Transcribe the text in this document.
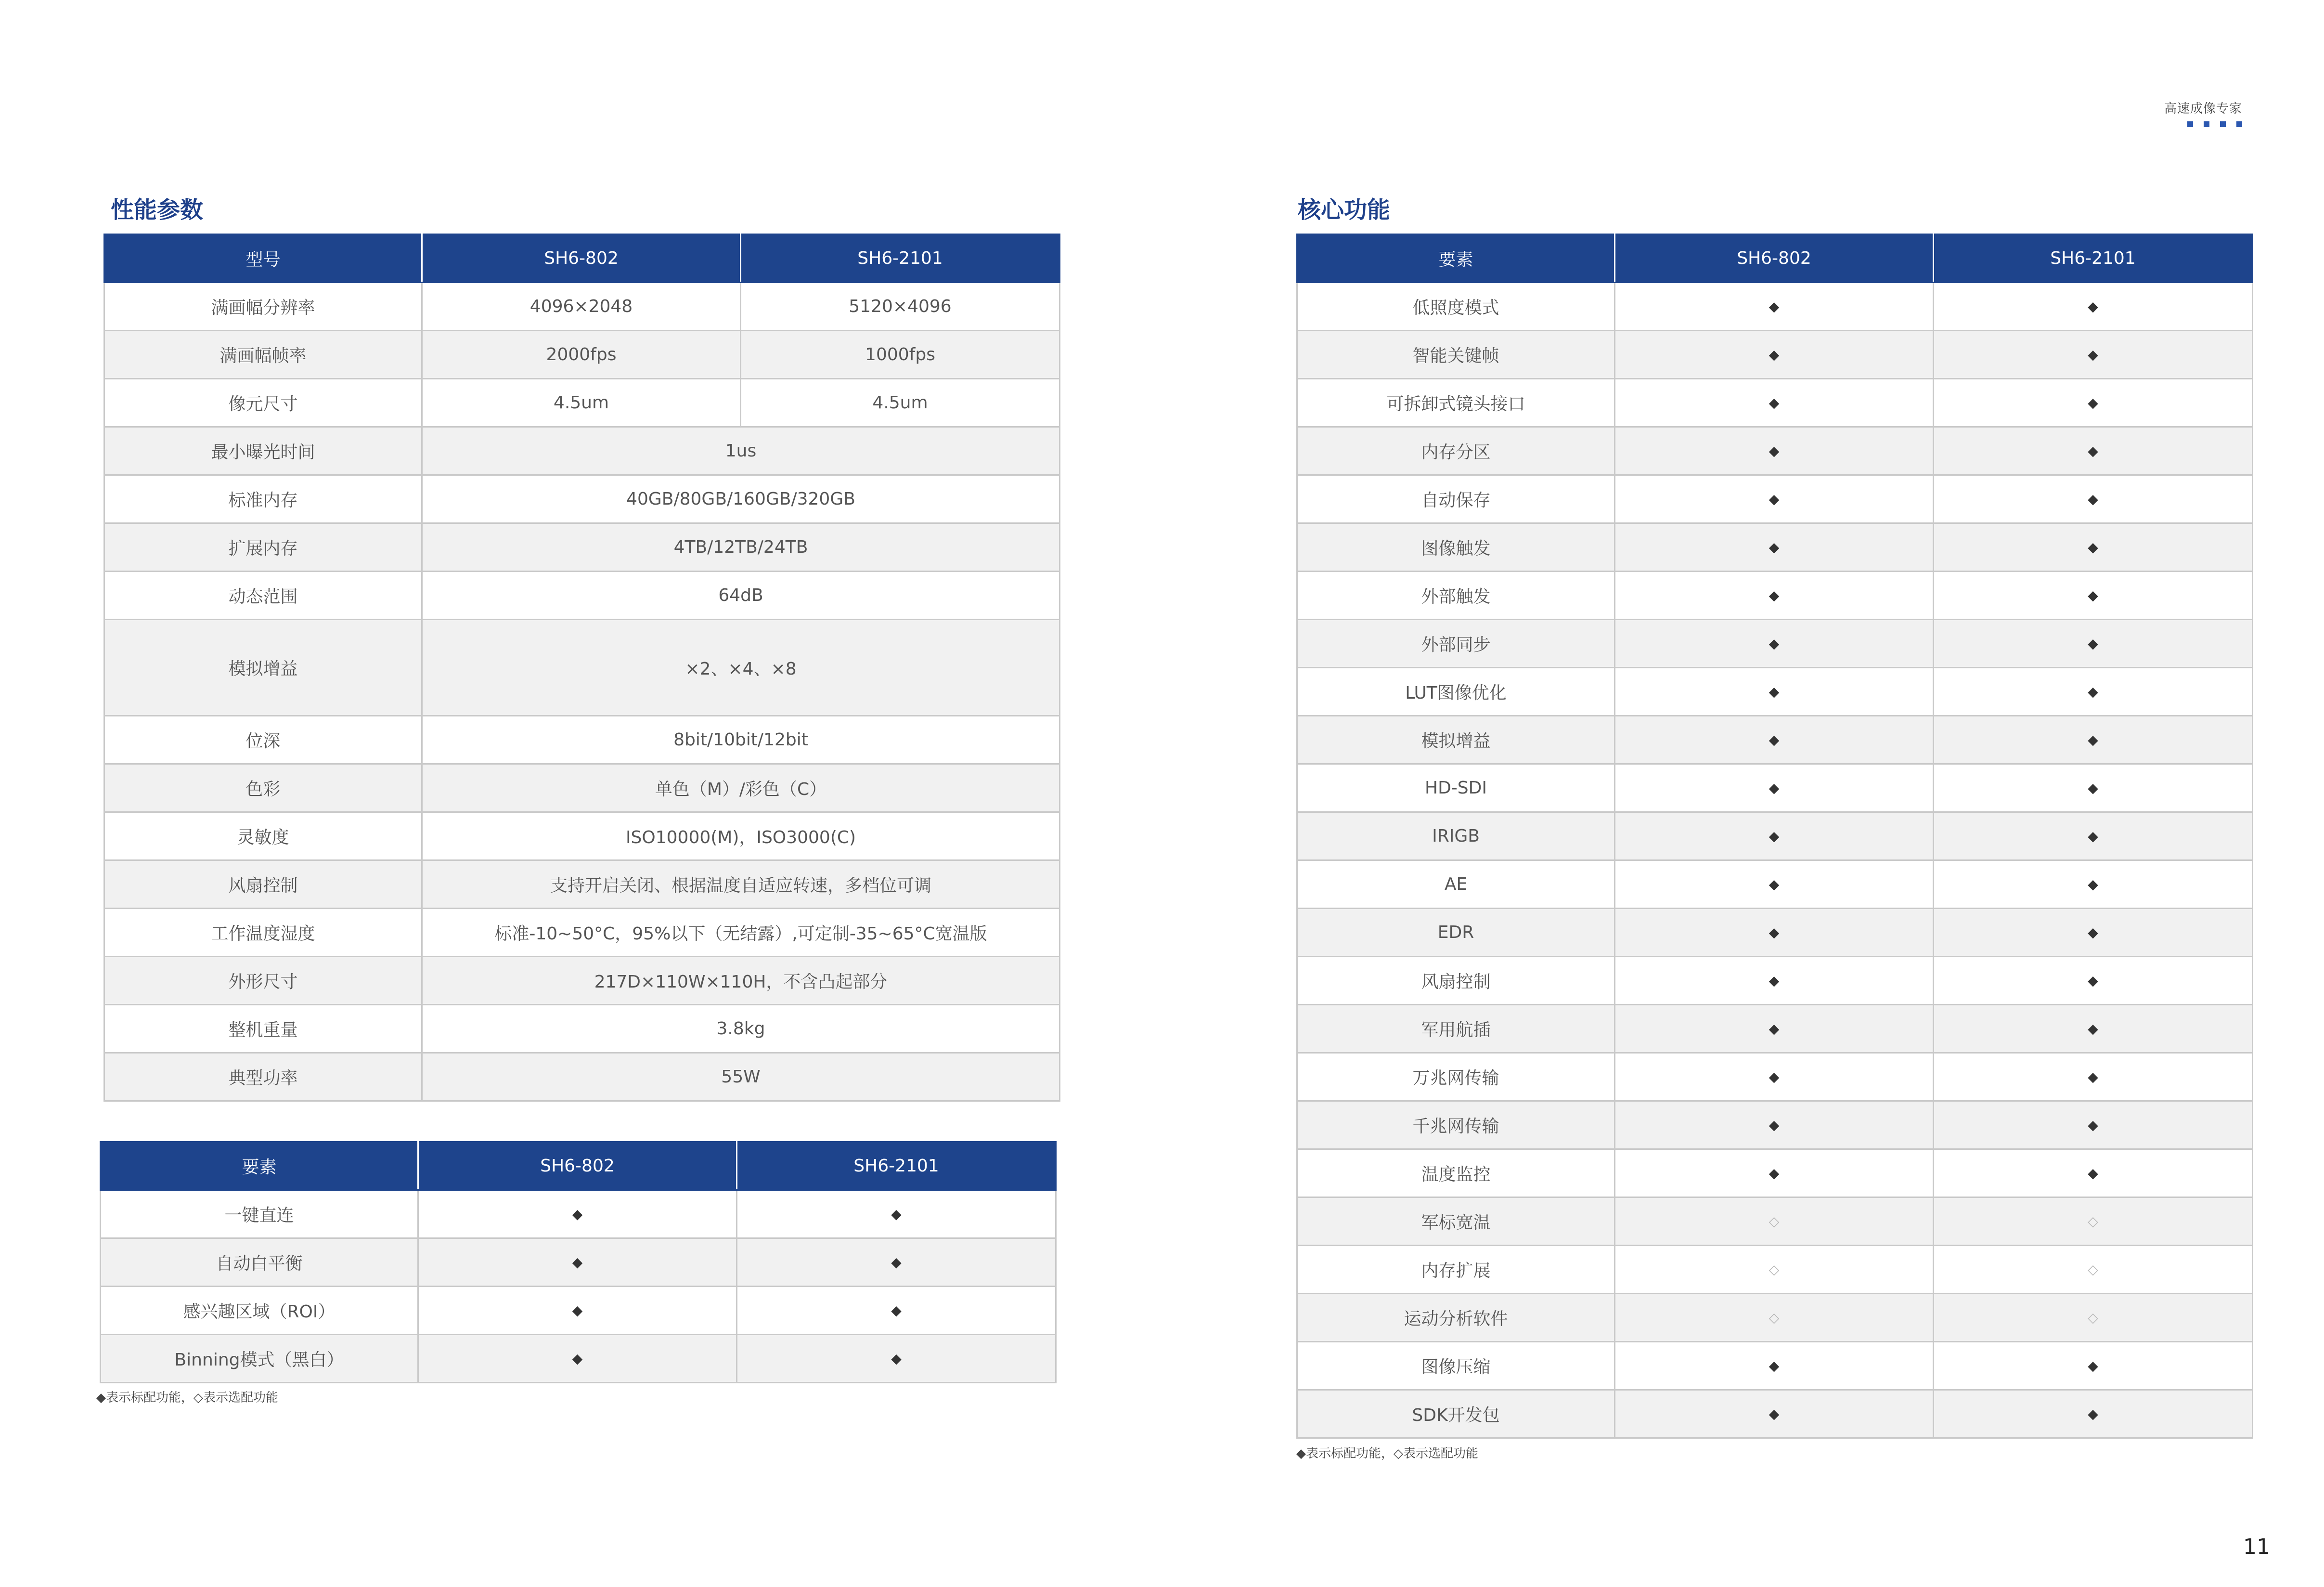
高速成像专家
性能参数
型号	SH6-802	SH6-2101
满画幅分辨率	4096×2048	5120×4096
满画幅帧率	2000fps	1000fps
像元尺寸	4.5um	4.5um
最小曝光时间	1us	
标准内存	40GB/80GB/160GB/320GB	
扩展内存	4TB/12TB/24TB	
动态范围	64dB	
模拟增益	×2、×4、×8	
位深	8bit/10bit/12bit	
色彩	单色（M）/彩色（C）	
灵敏度	ISO10000(M)，ISO3000(C)	
风扇控制	支持开启关闭、根据温度自适应转速，多档位可调	
工作温度湿度	标准-10~50°C，95%以下（无结露）,可定制-35~65°C宽温版	
外形尺寸	217D×110W×110H，不含凸起部分	
整机重量	3.8kg	
典型功率	55W	
要素	SH6-802	SH6-2101
一键直连	◆	◆
自动白平衡	◆	◆
感兴趣区域（ROI）	◆	◆
Binning模式（黑白）	◆	◆
◆表示标配功能，◇表示选配功能
核心功能
要素	SH6-802	SH6-2101
低照度模式	◆	◆
智能关键帧	◆	◆
可拆卸式镜头接口	◆	◆
内存分区	◆	◆
自动保存	◆	◆
图像触发	◆	◆
外部触发	◆	◆
外部同步	◆	◆
LUT图像优化	◆	◆
模拟增益	◆	◆
HD-SDI	◆	◆
IRIGB	◆	◆
AE	◆	◆
EDR	◆	◆
风扇控制	◆	◆
军用航插	◆	◆
万兆网传输	◆	◆
千兆网传输	◆	◆
温度监控	◆	◆
军标宽温	◇	◇
内存扩展	◇	◇
运动分析软件	◇	◇
图像压缩	◆	◆
SDK开发包	◆	◆
◆表示标配功能，◇表示选配功能
11
